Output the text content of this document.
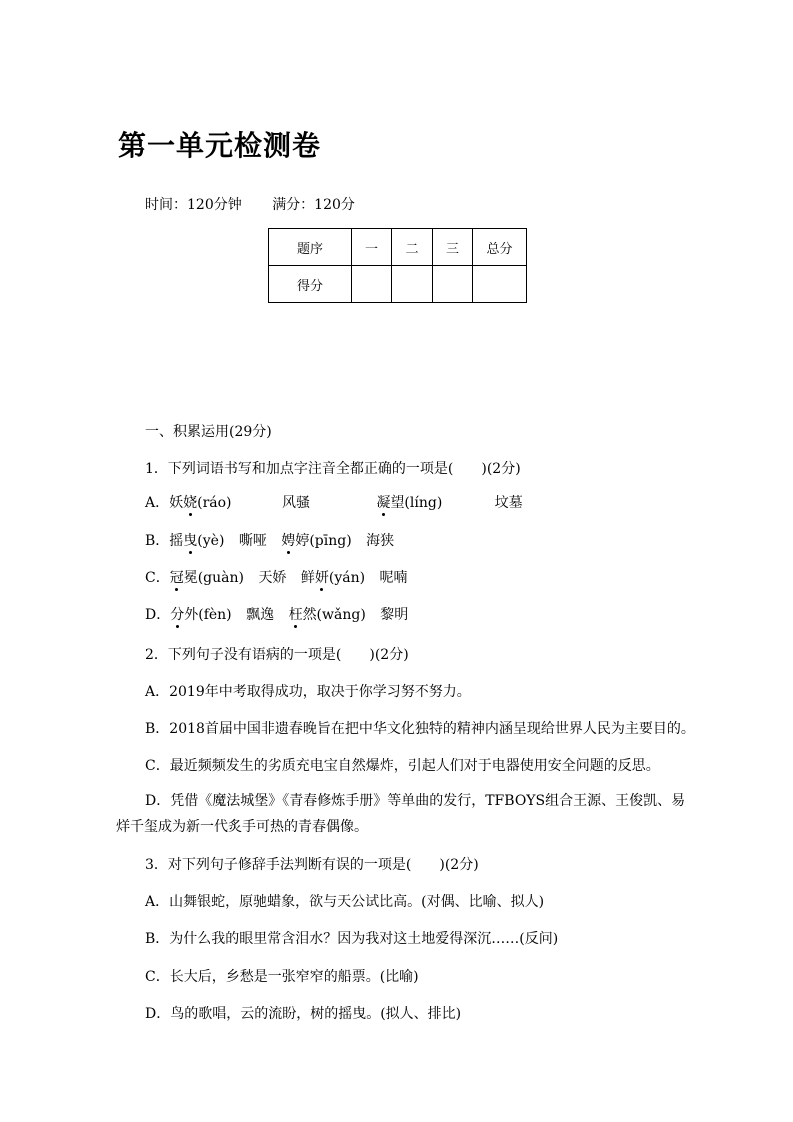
第一单元检测卷
时间：120分钟 满分：120分
题序	一	二	三	总分
得分				
一、积累运用(29分)
1．下列词语书写和加点字注音全都正确的一项是(　　)(2分)
A．妖娆(ráo)	风骚	凝望(líng)	坟墓
B．摇曳(yè) 嘶哑 娉婷(pīng) 海狭
C．冠冕(guàn) 天娇 鲜妍(yán) 呢喃
D．分外(fèn) 飘逸 枉然(wǎng) 黎明
2．下列句子没有语病的一项是(　　)(2分)
A．2019年中考取得成功，取决于你学习努不努力。
B．2018首届中国非遗春晚旨在把中华文化独特的精神内涵呈现给世界人民为主要目的。
C．最近频频发生的劣质充电宝自然爆炸，引起人们对于电器使用安全问题的反思。
D．凭借《魔法城堡》《青春修炼手册》等单曲的发行，TFBOYS组合王源、王俊凯、易烊千玺成为新一代炙手可热的青春偶像。
3．对下列句子修辞手法判断有误的一项是(　　)(2分)
A．山舞银蛇，原驰蜡象，欲与天公试比高。(对偶、比喻、拟人)
B．为什么我的眼里常含泪水？因为我对这土地爱得深沉……(反问)
C．长大后，乡愁是一张窄窄的船票。(比喻)
D．鸟的歌唱，云的流盼，树的摇曳。(拟人、排比)
